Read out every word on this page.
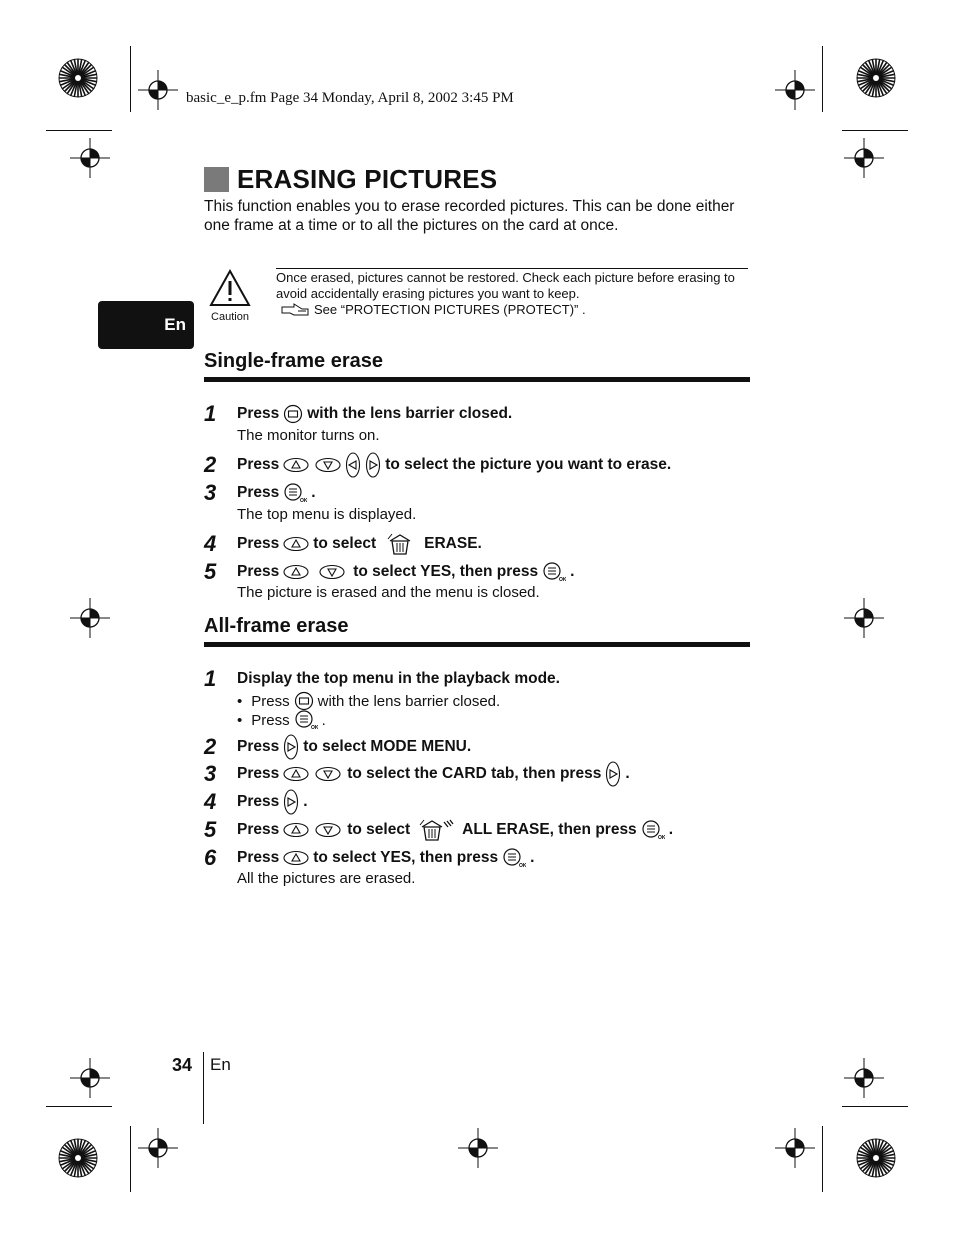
basic_e_p.fm Page 34 Monday, April 8, 2002 3:45 PM
En
ERASING PICTURES
This function enables you to erase recorded pictures. This can be done either one frame at a time or to all the pictures on the card at once.
Caution
Once erased, pictures cannot be restored. Check each picture before erasing to avoid accidentally erasing pictures you want to keep.
See “PROTECTION PICTURES (PROTECT)” .
Single-frame erase
1	Press with the lens barrier closed.
The monitor turns on.
2	Press	to select the picture you want to erase.
3	Press .
The top menu is displayed.
4	Press to select	ERASE.
5	Press	to select YES, then press .
The picture is erased and the menu is closed.
All-frame erase
1	Display the top menu in the playback mode.
• Press with the lens barrier closed.
• Press .
2	Press to select MODE MENU.
3	Press	to select the CARD tab, then press .
4	Press .
5	Press	to select	ALL ERASE, then press .
6	Press to select YES, then press .
All the pictures are erased.
34 En
